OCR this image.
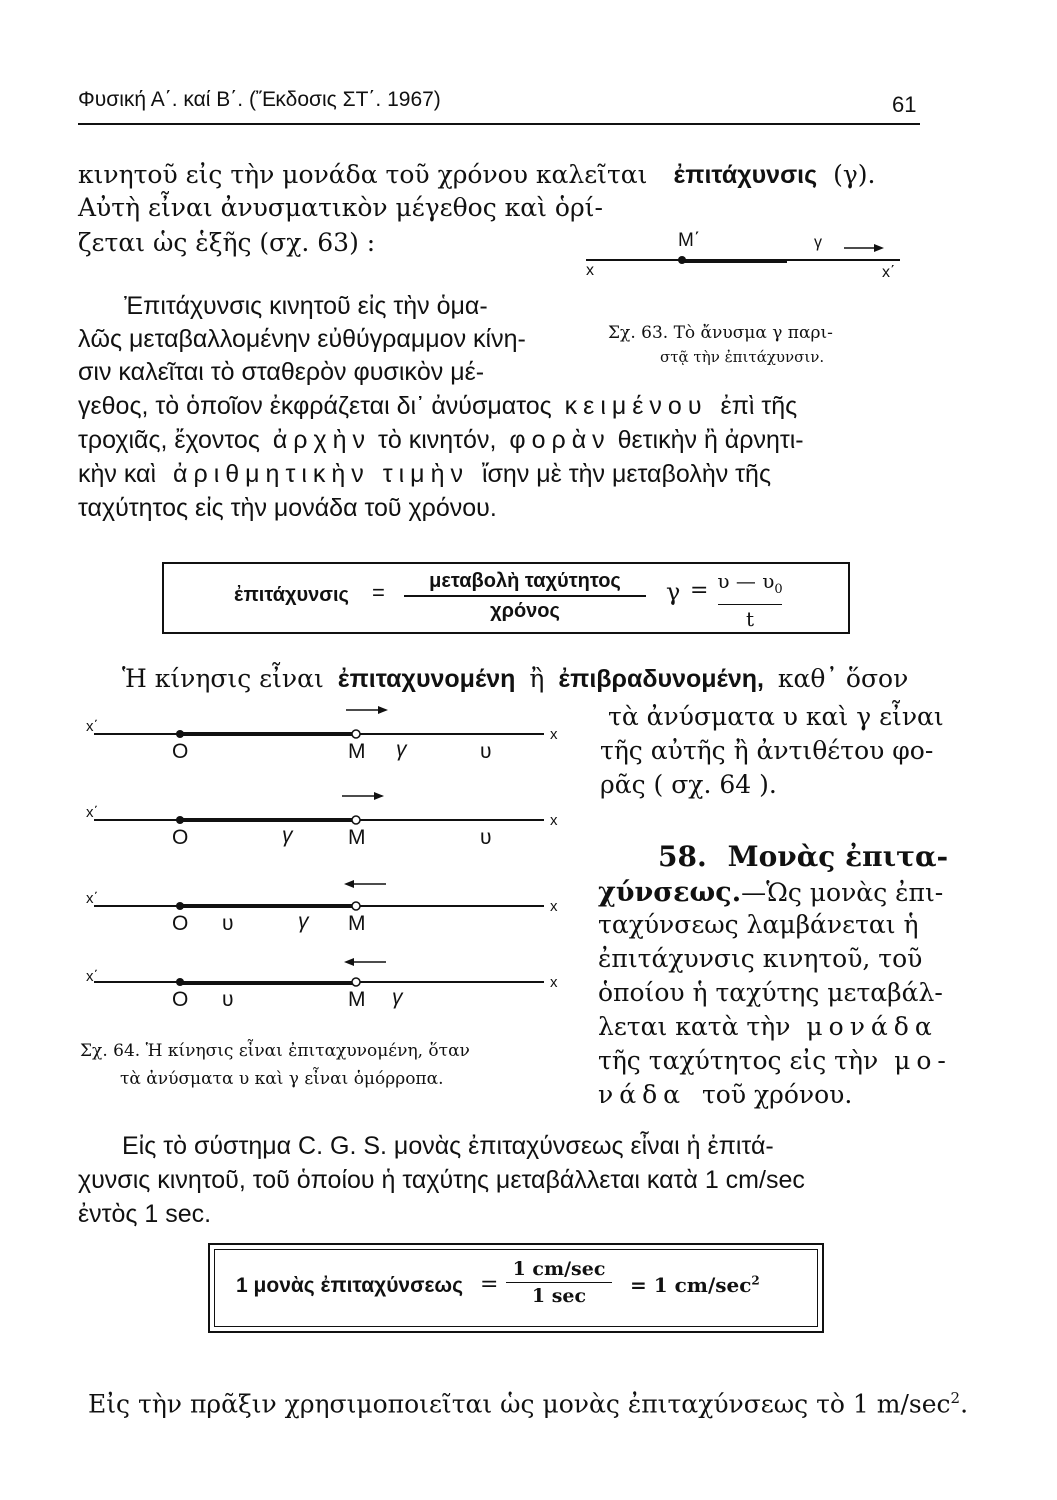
Φυσική Α΄. καί Β΄. (Ἔκδοσις ΣΤ΄. 1967)	61
κινητοῦ εἰς τὴν μονάδα τοῦ χρόνου καλεῖται ἐπιτάχυνσις (γ).
Αὐτὴ εἶναι ἀνυσματικὸν μέγεθος καὶ ὁρί-
ζεται ὡς ἑξῆς (σχ. 63) :	Μ΄	γ
x	x΄
Σχ. 63. Τὸ ἄνυσμα γ παρι-
στᾷ τὴν ἐπιτάχυνσιν.
Ἐπιτάχυνσις κινητοῦ εἰς τὴν ὁμα-
λῶς μεταβαλλομένην εὐθύγραμμον κίνη-
σιν καλεῖται τὸ σταθερὸν φυσικὸν μέ-
γεθος, τὸ ὁποῖον ἐκφράζεται δι᾽ ἀνύσματος κειμένου ἐπὶ τῆς
τροχιᾶς, ἔχοντος ἀρχὴν τὸ κινητόν, φορὰν θετικὴν ἢ ἀρνητι-
κὴν καὶ ἀριθμητικὴν τιμὴν ἴσην μὲ τὴν μεταβολὴν τῆς
ταχύτητος εἰς τὴν μονάδα τοῦ χρόνου.
ἐπιτάχυνσις =	μεταβολὴ ταχύτητος
χρόνος
γ = υ — $\upsilon_0$
t
Ἡ κίνησις εἶναι ἐπιταχυνομένη ἢ ἐπιβραδυνομένη, καθ᾽ ὅσον
τὰ ἀνύσματα υ καὶ γ εἶναι
τῆς αὐτῆς ἢ ἀντιθέτου φο-
ρᾶς ( σχ. 64 ).
x΄	x
Ο	Μ γ	υ
x΄	x
Ο	γ	Μ	υ
x΄	x
Ο υ	γ Μ
x΄	x
Ο υ	Μ γ
Σχ. 64. Ἡ κίνησις εἶναι ἐπιταχυνομένη, ὅταν
τὰ ἀνύσματα υ καὶ γ εἶναι ὁμόρροπα.
58. Μονὰς ἐπιτα-
χύνσεως.—Ὡς μονὰς ἐπι-
ταχύνσεως λαμβάνεται ἡ
ἐπιτάχυνσις κινητοῦ, τοῦ
ὁποίου ἡ ταχύτης μεταβάλ-
λεται κατὰ τὴν μονάδα
τῆς ταχύτητος εἰς τὴν μο-
νάδα τοῦ χρόνου.
Εἰς τὸ σύστημα C. G. S. μονὰς ἐπιταχύνσεως εἶναι ἡ ἐπιτά-
χυνσις κινητοῦ, τοῦ ὁποίου ἡ ταχύτης μεταβάλλεται κατὰ 1 cm/sec
ἐντὸς 1 sec.
1 μονὰς ἐπιταχύνσεως =
1 cm/sec
1 sec	= 1 $cm/\sec^2$
Εἰς τὴν πρᾶξιν χρησιμοποιεῖται ὡς μονὰς ἐπιταχύνσεως τὸ 1 $m/\sec^2$.
